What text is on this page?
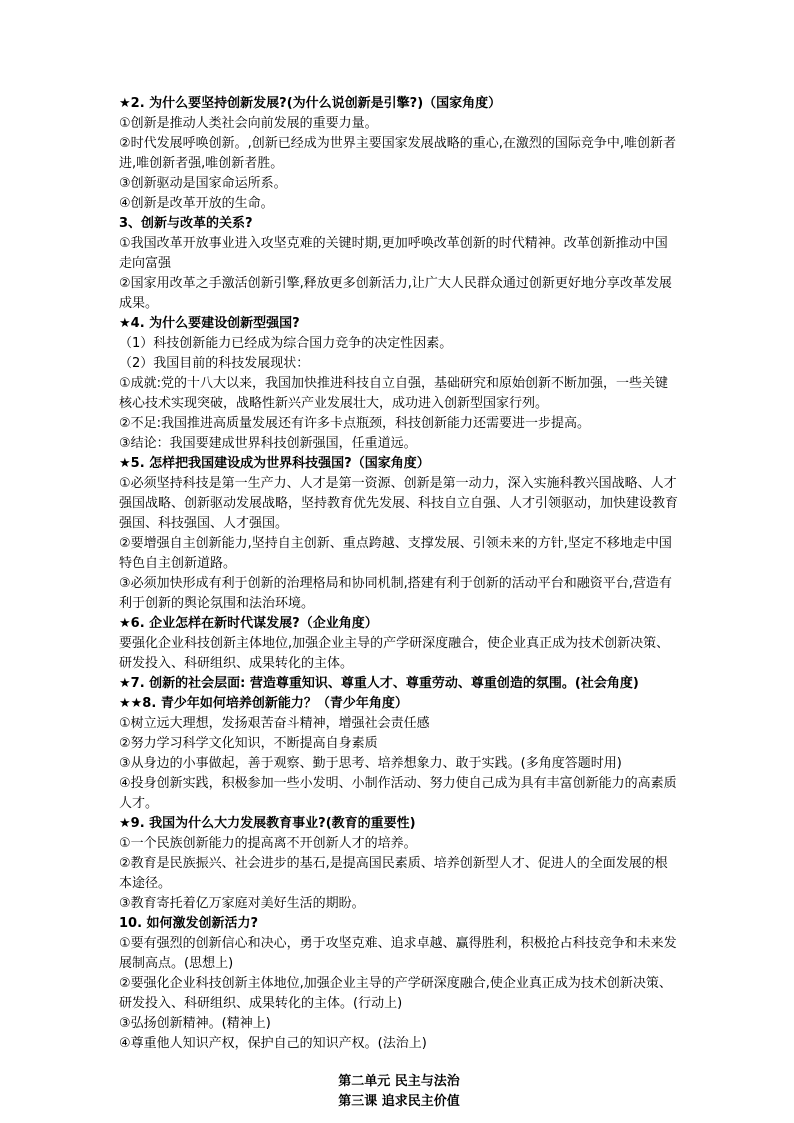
★2. 为什么要坚持创新发展?(为什么说创新是引擎?)（国家角度）
①创新是推动人类社会向前发展的重要力量。
②时代发展呼唤创新。,创新已经成为世界主要国家发展战略的重心,在激烈的国际竞争中,唯创新者进,唯创新者强,唯创新者胜。
③创新驱动是国家命运所系。
④创新是改革开放的生命。
3、创新与改革的关系?
①我国改革开放事业进入攻坚克难的关键时期,更加呼唤改革创新的时代精神。改革创新推动中国走向富强
②国家用改革之手激活创新引擎,释放更多创新活力,让广大人民群众通过创新更好地分享改革发展成果。
★4. 为什么要建设创新型强国?
（1）科技创新能力已经成为综合国力竞争的决定性因素。
（2）我国目前的科技发展现状：
①成就:党的十八大以来，我国加快推进科技自立自强，基础研究和原始创新不断加强，一些关键核心技术实现突破，战略性新兴产业发展壮大，成功进入创新型国家行列。
②不足:我国推进高质量发展还有许多卡点瓶颈，科技创新能力还需要进一步提高。
③结论：我国要建成世界科技创新强国，任重道远。
★5. 怎样把我国建设成为世界科技强国?（国家角度）
①必须坚持科技是第一生产力、人才是第一资源、创新是第一动力，深入实施科教兴国战略、人才强国战略、创新驱动发展战略，坚持教育优先发展、科技自立自强、人才引领驱动，加快建设教育强国、科技强国、人才强国。
②要增强自主创新能力,坚持自主创新、重点跨越、支撑发展、引领未来的方针,坚定不移地走中国特色自主创新道路。
③必须加快形成有利于创新的治理格局和协同机制,搭建有利于创新的活动平台和融资平台,营造有利于创新的舆论氛围和法治环境。
★6. 企业怎样在新时代谋发展?（企业角度）
要强化企业科技创新主体地位,加强企业主导的产学研深度融合，使企业真正成为技术创新决策、研发投入、科研组织、成果转化的主体。
★7. 创新的社会层面: 营造尊重知识、尊重人才、尊重劳动、尊重创造的氛围。(社会角度)
★★8. 青少年如何培养创新能力？（青少年角度）
①树立远大理想，发扬艰苦奋斗精神，增强社会责任感
②努力学习科学文化知识，不断提高自身素质
③从身边的小事做起，善于观察、勤于思考、培养想象力、敢于实践。(多角度答题时用)
④投身创新实践，积极参加一些小发明、小制作活动、努力使自己成为具有丰富创新能力的高素质人才。
★9. 我国为什么大力发展教育事业?(教育的重要性)
①一个民族创新能力的提高离不开创新人才的培养。
②教育是民族振兴、社会进步的基石,是提高国民素质、培养创新型人才、促进人的全面发展的根本途径。
③教育寄托着亿万家庭对美好生活的期盼。
10. 如何激发创新活力?
①要有强烈的创新信心和决心，勇于攻坚克难、追求卓越、赢得胜利，积极抢占科技竞争和未来发展制高点。(思想上)
②要强化企业科技创新主体地位,加强企业主导的产学研深度融合,使企业真正成为技术创新决策、研发投入、科研组织、成果转化的主体。(行动上)
③弘扬创新精神。(精神上)
④尊重他人知识产权，保护自己的知识产权。(法治上)
第二单元 民主与法治
第三课 追求民主价值
